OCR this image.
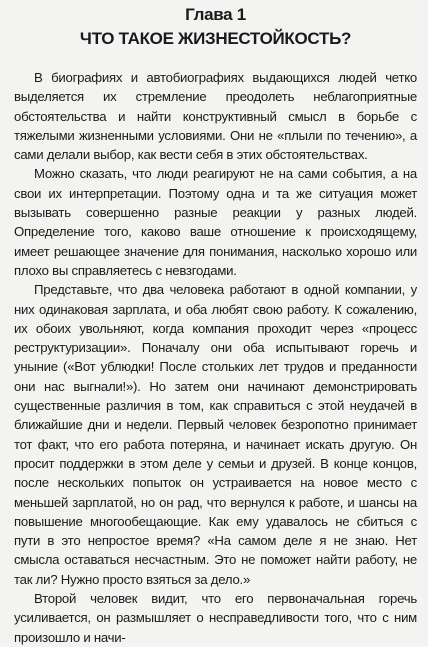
Глава 1
ЧТО ТАКОЕ ЖИЗНЕСТОЙКОСТЬ?

В биографиях и автобиографиях выдающихся людей четко выделяется их стремление преодолеть неблагоприятные обстоятельства и найти конструктивный смысл в борьбе с тяжелыми жизненными условиями. Они не «плыли по течению», а сами делали выбор, как вести себя в этих обстоятельствах.

Можно сказать, что люди реагируют не на сами события, а на свои их интерпретации. Поэтому одна и та же ситуация может вызывать совершенно разные реакции у разных людей. Определение того, каково ваше отношение к происходящему, имеет решающее значение для понимания, насколько хорошо или плохо вы справляетесь с невзгодами.

Представьте, что два человека работают в одной компании, у них одинаковая зарплата, и оба любят свою работу. К сожалению, их обоих увольняют, когда компания проходит через «процесс реструктуризации». Поначалу они оба испытывают горечь и уныние («Вот ублюдки! После стольких лет трудов и преданности они нас выгнали!»). Но затем они начинают демонстрировать существенные различия в том, как справиться с этой неудачей в ближайшие дни и недели. Первый человек безропотно принимает тот факт, что его работа потеряна, и начинает искать другую. Он просит поддержки в этом деле у семьи и друзей. В конце концов, после нескольких попыток он устраивается на новое место с меньшей зарплатой, но он рад, что вернулся к работе, и шансы на повышение многообещающие. Как ему удавалось не сбиться с пути в это непростое время? «На самом деле я не знаю. Нет смысла оставаться несчастным. Это не поможет найти работу, не так ли? Нужно просто взяться за дело.»

Второй человек видит, что его первоначальная горечь усиливается, он размышляет о несправедливости того, что с ним произошло и начи-
